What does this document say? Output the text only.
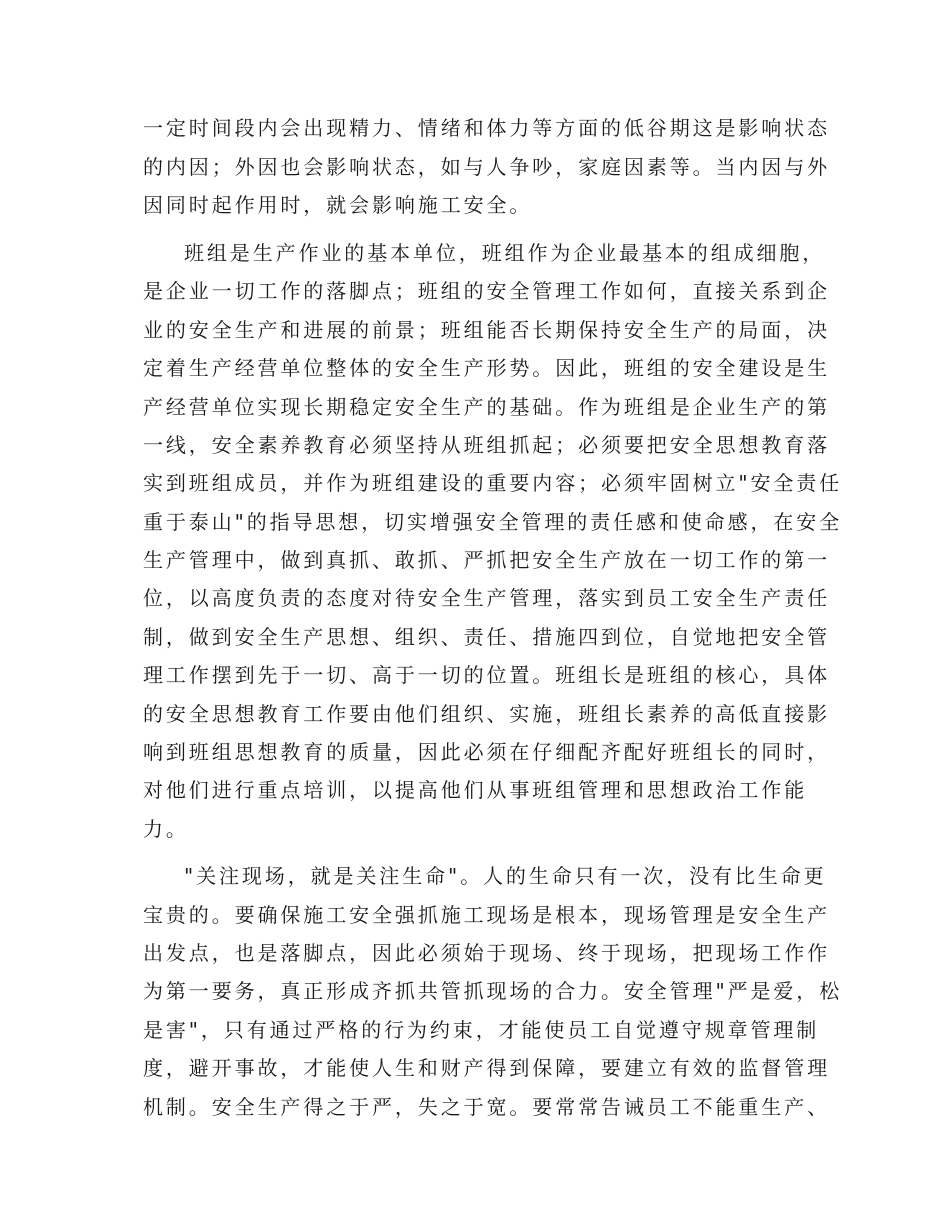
一定时间段内会出现精力、情绪和体力等方面的低谷期这是影响状态
的内因；外因也会影响状态，如与人争吵，家庭因素等。当内因与外
因同时起作用时，就会影响施工安全。
班组是生产作业的基本单位，班组作为企业最基本的组成细胞，
是企业一切工作的落脚点；班组的安全管理工作如何，直接关系到企
业的安全生产和进展的前景；班组能否长期保持安全生产的局面，决
定着生产经营单位整体的安全生产形势。因此，班组的安全建设是生
产经营单位实现长期稳定安全生产的基础。作为班组是企业生产的第
一线，安全素养教育必须坚持从班组抓起；必须要把安全思想教育落
实到班组成员，并作为班组建设的重要内容；必须牢固树立"安全责任
重于泰山"的指导思想，切实增强安全管理的责任感和使命感，在安全
生产管理中，做到真抓、敢抓、严抓把安全生产放在一切工作的第一
位，以高度负责的态度对待安全生产管理，落实到员工安全生产责任
制，做到安全生产思想、组织、责任、措施四到位，自觉地把安全管
理工作摆到先于一切、高于一切的位置。班组长是班组的核心，具体
的安全思想教育工作要由他们组织、实施，班组长素养的高低直接影
响到班组思想教育的质量，因此必须在仔细配齐配好班组长的同时，
对他们进行重点培训，以提高他们从事班组管理和思想政治工作能
力。
"关注现场，就是关注生命"。人的生命只有一次，没有比生命更
宝贵的。要确保施工安全强抓施工现场是根本，现场管理是安全生产
出发点，也是落脚点，因此必须始于现场、终于现场，把现场工作作
为第一要务，真正形成齐抓共管抓现场的合力。安全管理"严是爱，松
是害"，只有通过严格的行为约束，才能使员工自觉遵守规章管理制
度，避开事故，才能使人生和财产得到保障，要建立有效的监督管理
机制。安全生产得之于严，失之于宽。要常常告诫员工不能重生产、
